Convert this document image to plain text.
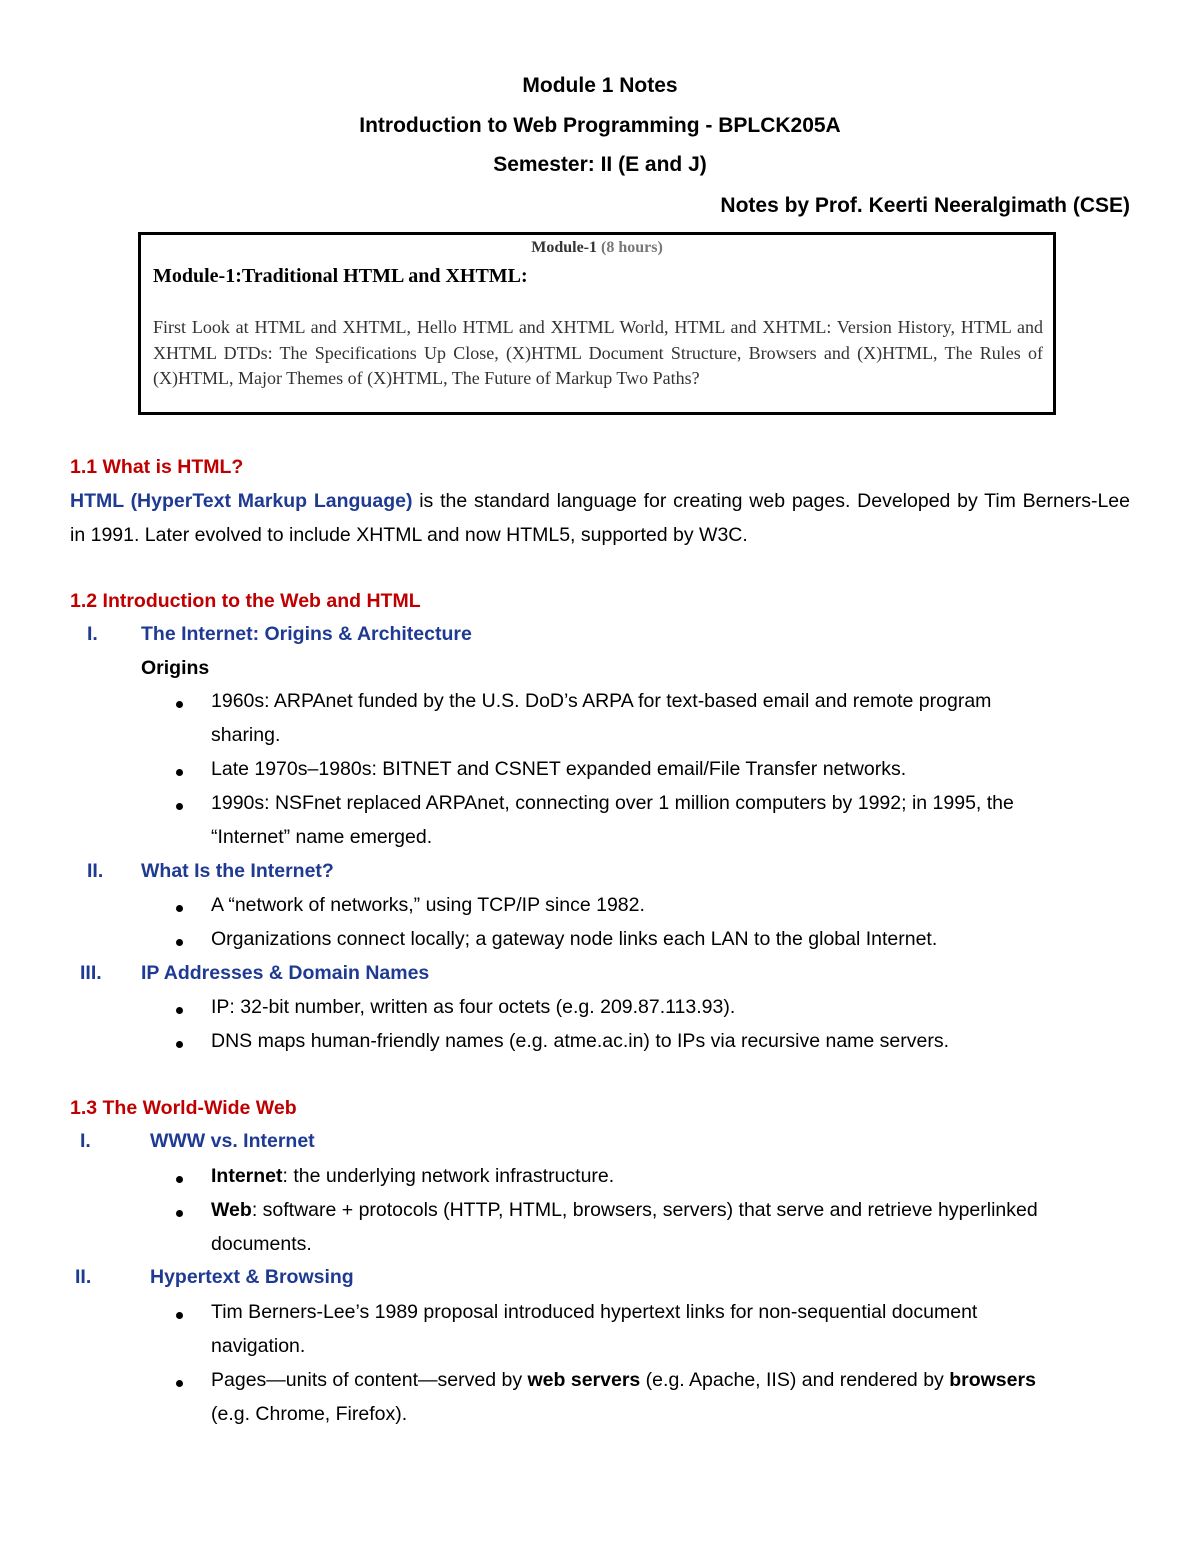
Module 1 Notes
Introduction to Web Programming - BPLCK205A
Semester: II (E and J)
Notes by Prof. Keerti Neeralgimath (CSE)
Module-1 (8 hours)
Module-1:Traditional HTML and XHTML:
First Look at HTML and XHTML, Hello HTML and XHTML World, HTML and XHTML: Version History, HTML and XHTML DTDs: The Specifications Up Close, (X)HTML Document Structure, Browsers and (X)HTML, The Rules of (X)HTML, Major Themes of (X)HTML, The Future of Markup Two Paths?
1.1 What is HTML?
HTML (HyperText Markup Language) is the standard language for creating web pages. Developed by Tim Berners-Lee in 1991. Later evolved to include XHTML and now HTML5, supported by W3C.
1.2 Introduction to the Web and HTML
I. The Internet: Origins & Architecture
Origins
1960s: ARPAnet funded by the U.S. DoD’s ARPA for text-based email and remote program
sharing.
Late 1970s–1980s: BITNET and CSNET expanded email/File Transfer networks.
1990s: NSFnet replaced ARPAnet, connecting over 1 million computers by 1992; in 1995, the
“Internet” name emerged.
II. What Is the Internet?
A “network of networks,” using TCP/IP since 1982.
Organizations connect locally; a gateway node links each LAN to the global Internet.
III. IP Addresses & Domain Names
IP: 32-bit number, written as four octets (e.g. 209.87.113.93).
DNS maps human-friendly names (e.g. atme.ac.in) to IPs via recursive name servers.
1.3 The World-Wide Web
I.	WWW vs. Internet
Internet: the underlying network infrastructure.
Web: software + protocols (HTTP, HTML, browsers, servers) that serve and retrieve hyperlinked
documents.
II.	Hypertext & Browsing
Tim Berners-Lee’s 1989 proposal introduced hypertext links for non-sequential document
navigation.
Pages—units of content—served by web servers (e.g. Apache, IIS) and rendered by browsers
(e.g. Chrome, Firefox).
